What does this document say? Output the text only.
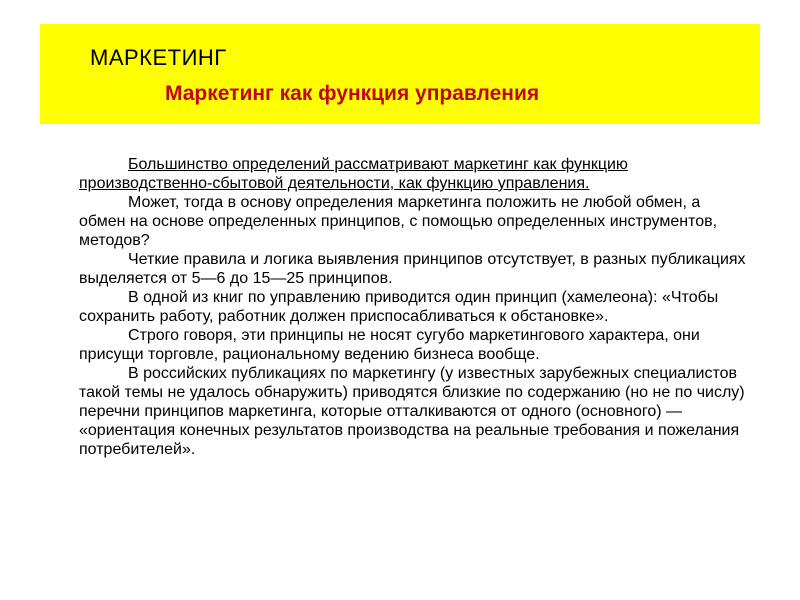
МАРКЕТИНГ
Маркетинг как функция управления

Большинство определений рассматривают маркетинг как функцию производственно-сбытовой деятельности, как функцию управления.

Может, тогда в основу определения маркетинга положить не любой обмен, а обмен на основе определенных принципов, с помощью определенных инструментов, методов?

Четкие правила и логика выявления принципов отсутствует, в разных публикациях выделяется от 5—6 до 15—25 принципов.

В одной из книг по управлению приводится один принцип (хамелеона): «Чтобы сохранить работу, работник должен приспосабливаться к обстановке».

Строго говоря, эти принципы не носят сугубо маркетингового характера, они присущи торговле, рациональному ведению бизнеса вообще.

В российских публикациях по маркетингу (у известных зарубежных специалистов такой темы не удалось обнаружить) приводятся близкие по содержанию (но не по числу) перечни принципов маркетинга, которые отталкиваются от одного (основного) — «ориентация конечных результатов производства на реальные требования и пожелания потребителей».
